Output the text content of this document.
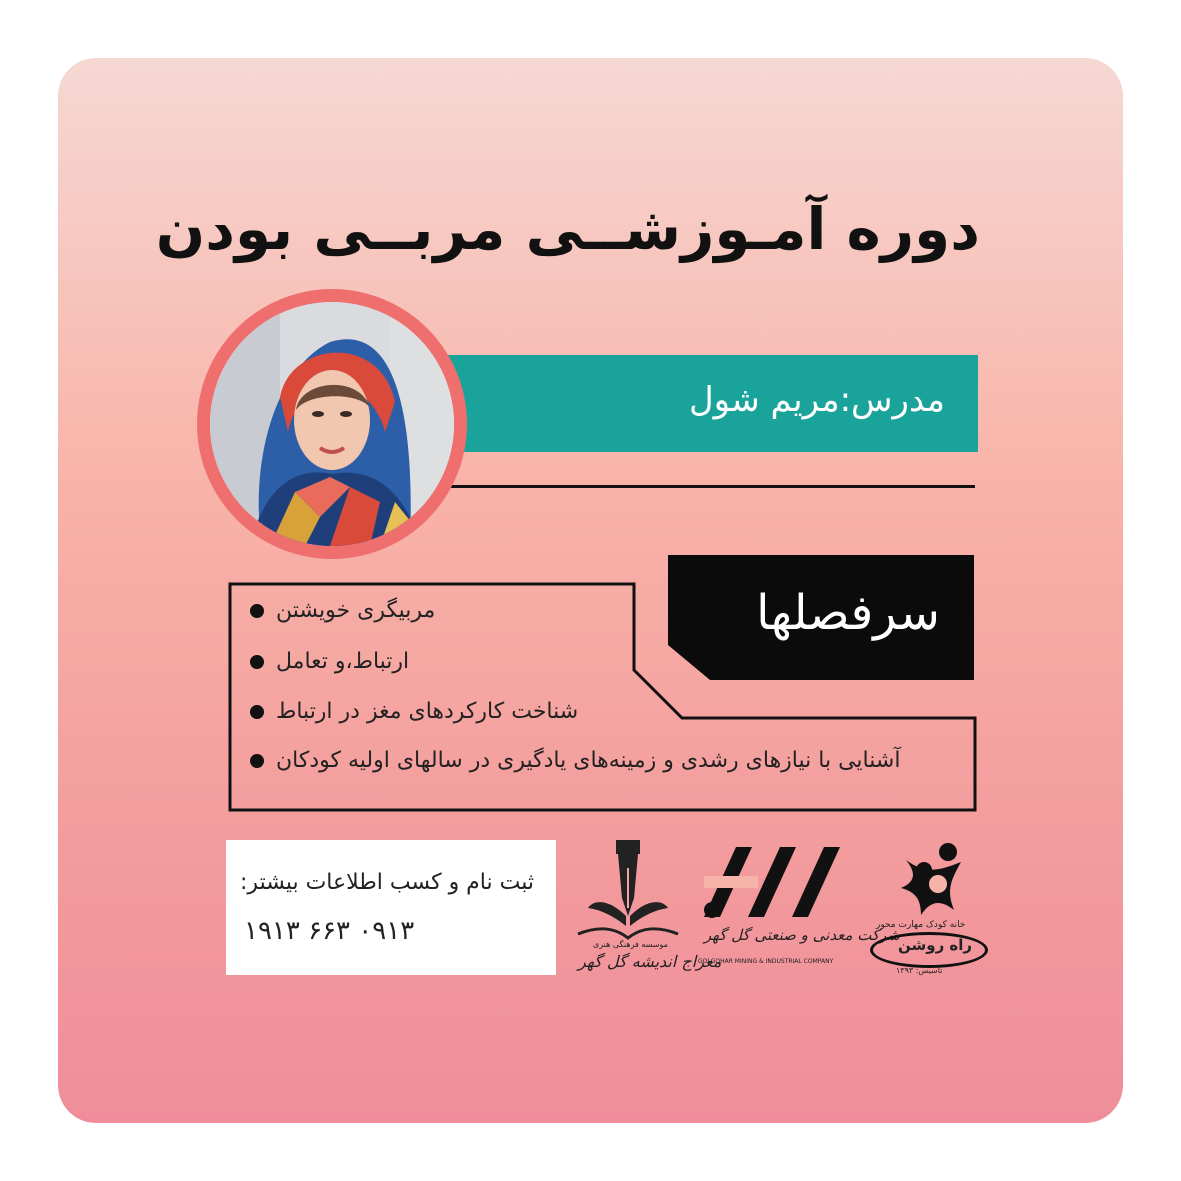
دوره آمـوزشــی مربــی بودن
مدرس:مریم شول
سرفصلها
مربیگری خویشتن
ارتباط،و تعامل
شناخت کارکردهای مغز در ارتباط
آشنایی با نیازهای رشدی و زمینه‌های یادگیری در سالهای اولیه کودکان
ثبت نام و کسب اطلاعات بیشتر:
۰۹۱۳ ۶۶۳ ۱۹۱۳	موسسه فرهنگی هنری
معراج اندیشه گل گهر
شرکت معدنی و صنعتی گل گهر
GOLGOHAR MINING & INDUSTRIAL COMPANY
خانه کودک مهارت محور
راه روشن
تاسیس: ۱۳۹۳
